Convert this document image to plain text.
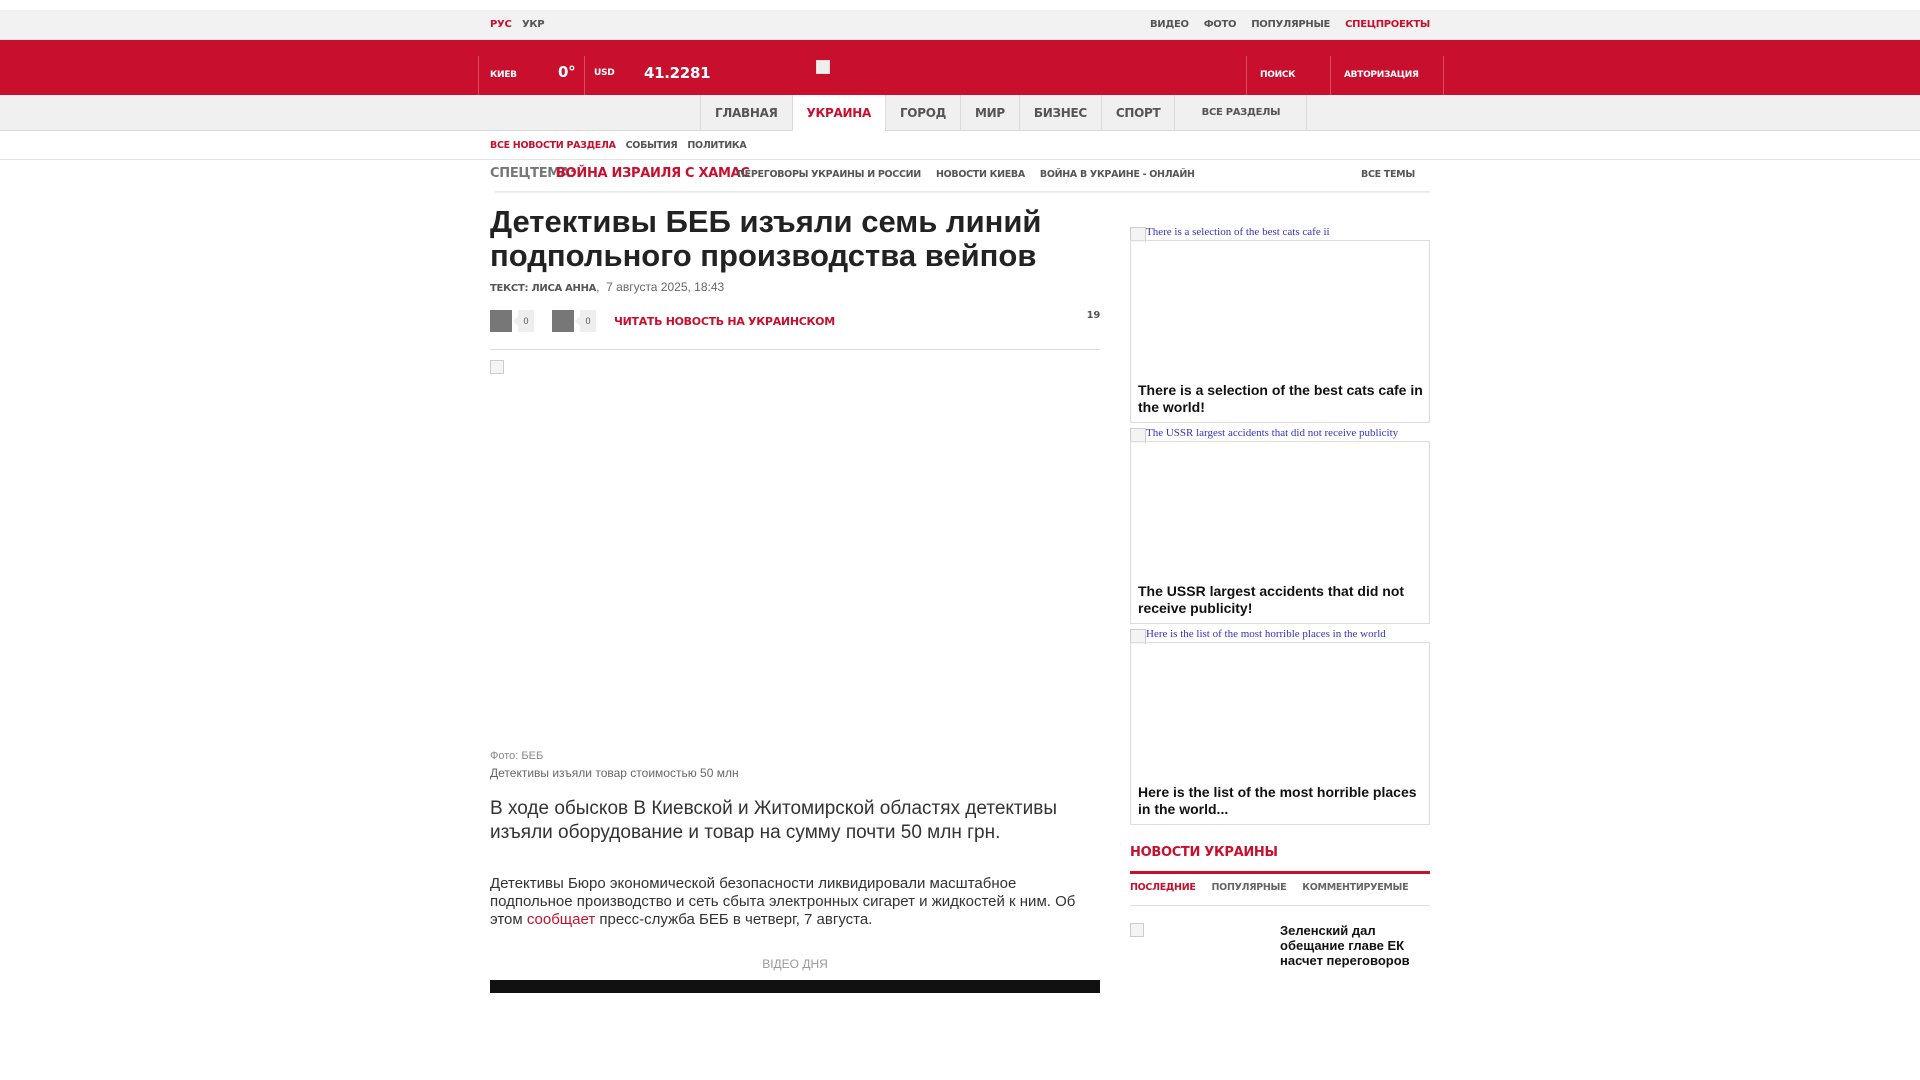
РУС УКР	ВИДЕО ФОТО ПОПУЛЯРНЫЕ СПЕЦПРОЕКТЫ
КИЕВ	0° USD 41.2281	ПОИСК	АВТОРИЗАЦИЯ
ГЛАВНАЯ	УКРАИНА	ГОРОД	МИР	БИЗНЕС	СПОРТ	ВСЕ РАЗДЕЛЫ
ВСЕ НОВОСТИ РАЗДЕЛА СОБЫТИЯ ПОЛИТИКА
СПЕЦТЕМА:
ВОЙНА ИЗРАИЛЯ С ХАМАС
ПЕРЕГОВОРЫ УКРАИНЫ И РОССИИ НОВОСТИ КИЕВА ВОЙНА В УКРАИНЕ - ОНЛАЙН	ВСЕ ТЕМЫ
Детективы БЕБ изъяли семь линий подпольного производства вейпов
ТЕКСТ: ЛИСА АННА,  7 августа 2025, 18:43
0	0	ЧИТАТЬ НОВОСТЬ НА УКРАИНСКОМ	19
Фото: БЕБ
Детективы изъяли товар стоимостью 50 млн

В ходе обысков В Киевской и Житомирской областях детективы изъяли оборудование и товар на сумму почти 50 млн грн.

Детективы Бюро экономической безопасности ликвидировали масштабное подпольное производство и сеть сбыта электронных сигарет и жидкостей к ним. Об этом сообщает пресс-служба БЕБ в четверг, 7 августа.

ВІДЕО ДНЯ
There is a selection of the best cats cafe ii
There is a selection of the best cats cafe in the world!
The USSR largest accidents that did not receive publicity
The USSR largest accidents that did not receive publicity!
Here is the list of the most horrible places in the world
Here is the list of the most horrible places in the world...
НОВОСТИ УКРАИНЫ
ПОСЛЕДНИЕ ПОПУЛЯРНЫЕ КОММЕНТИРУЕМЫЕ
Зеленский дал обещание главе ЕК насчет переговоров
